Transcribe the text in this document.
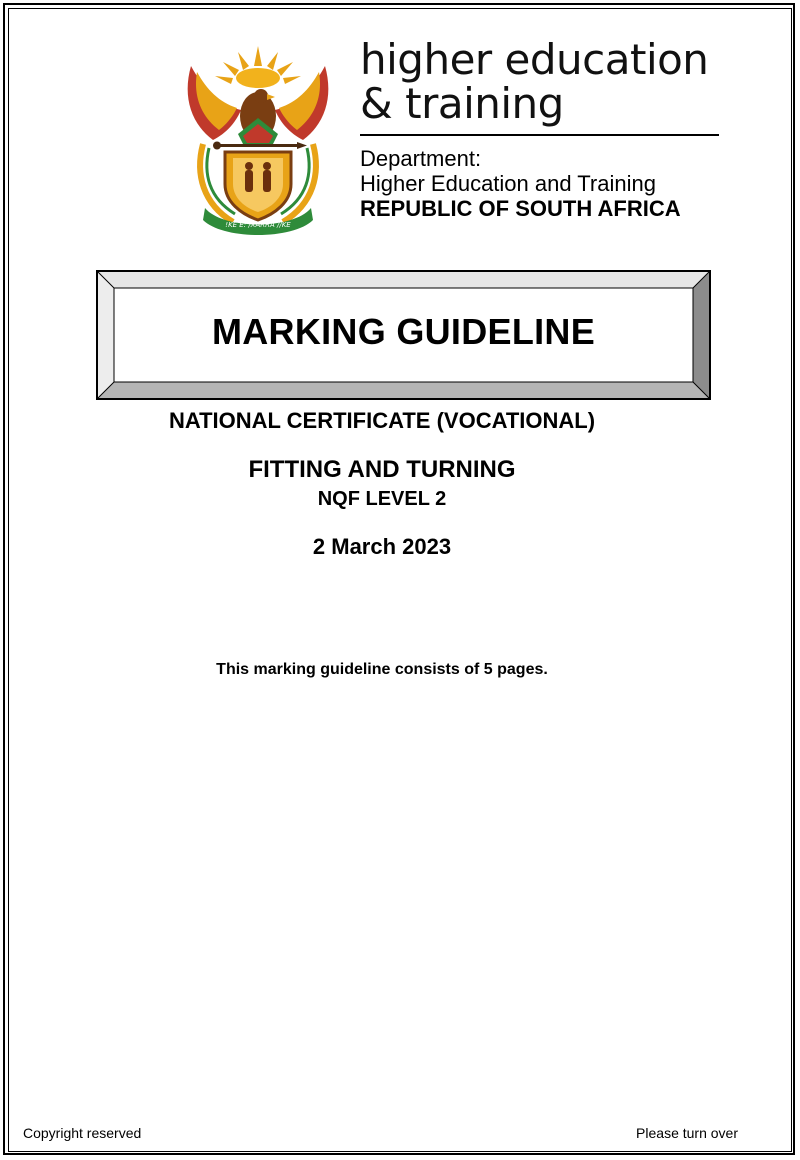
!KE E: /XARRA //KE
higher education
& training
Department:
Higher Education and Training
REPUBLIC OF SOUTH AFRICA
MARKING GUIDELINE
NATIONAL CERTIFICATE (VOCATIONAL)
FITTING AND TURNING
NQF LEVEL 2
2 March 2023
This marking guideline consists of 5 pages.
Copyright reserved	Please turn over
